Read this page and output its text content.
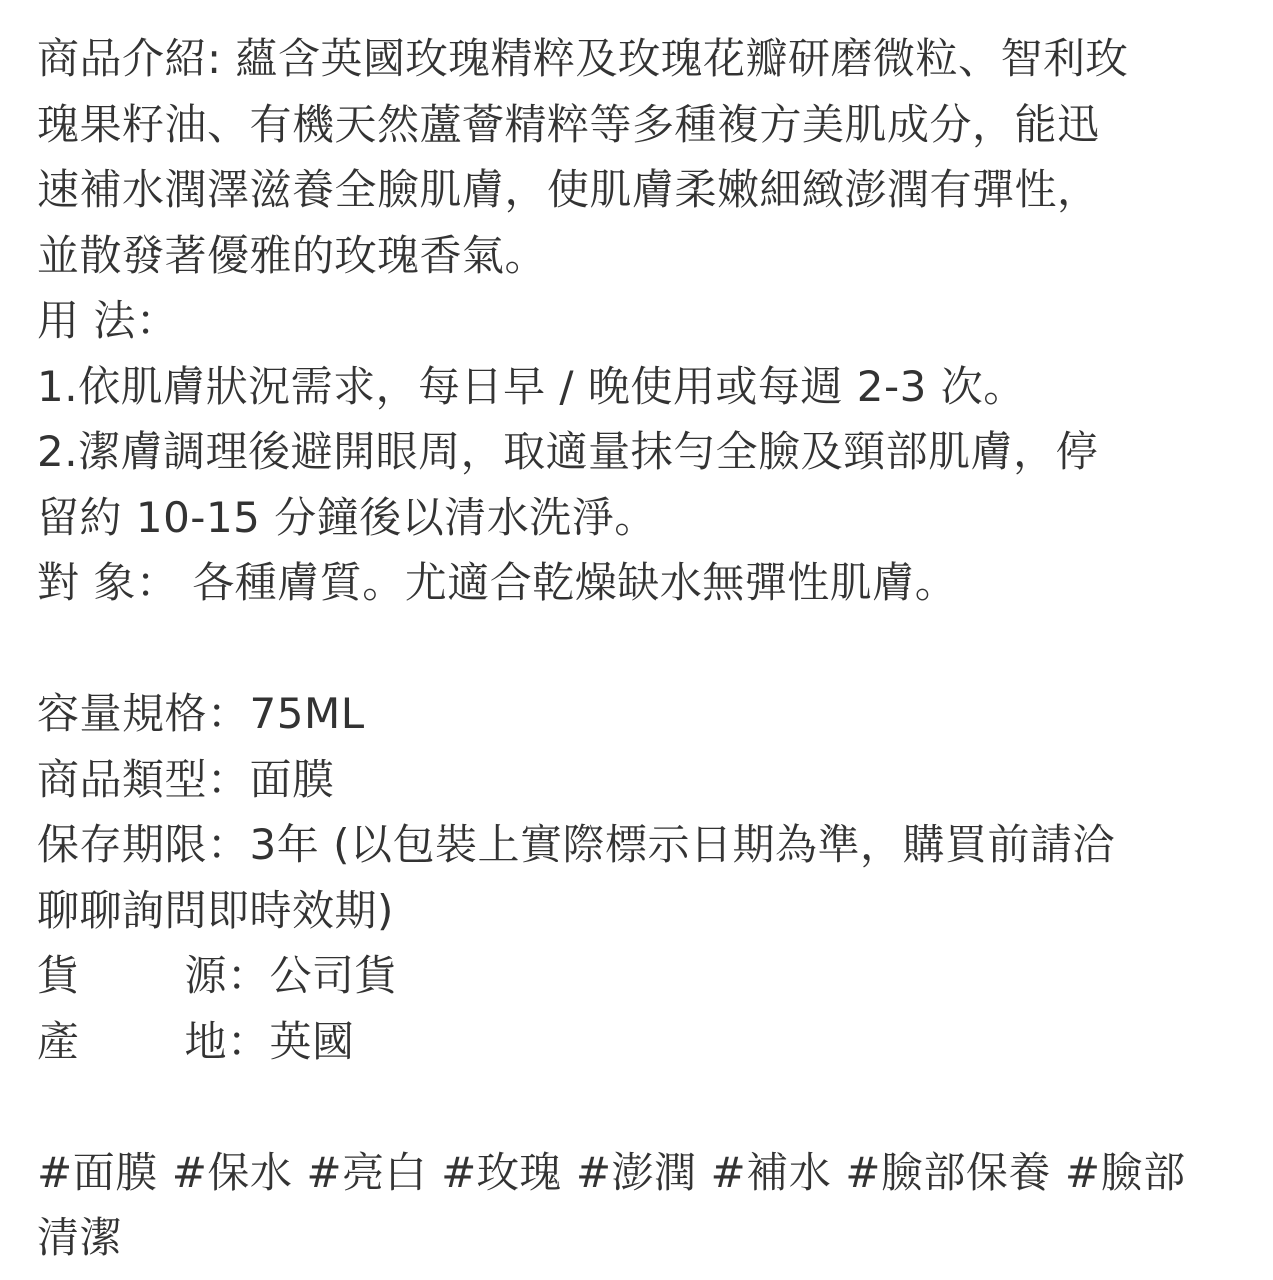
商品介紹: 蘊含英國玫瑰精粹及玫瑰花瓣研磨微粒、智利玫
瑰果籽油、有機天然蘆薈精粹等多種複方美肌成分，能迅
速補水潤澤滋養全臉肌膚，使肌膚柔嫩細緻澎潤有彈性，
並散發著優雅的玫瑰香氣。
用 法：
1.依肌膚狀況需求，每日早 / 晚使用或每週 2-3 次。
2.潔膚調理後避開眼周，取適量抹勻全臉及頸部肌膚，停
留約 10-15 分鐘後以清水洗淨。
對 象： 各種膚質。尤適合乾燥缺水無彈性肌膚。
容量規格 ： 75ML
商品類型 ： 面膜
保存期限 ： 3年 (以包裝上實際標示日期為準，購買前請洽
聊聊詢問即時效期)
貨 源 ： 公司貨
產 地 ： 英國
#面膜 #保水 #亮白 #玫瑰 #澎潤 #補水 #臉部保養 #臉部
清潔
